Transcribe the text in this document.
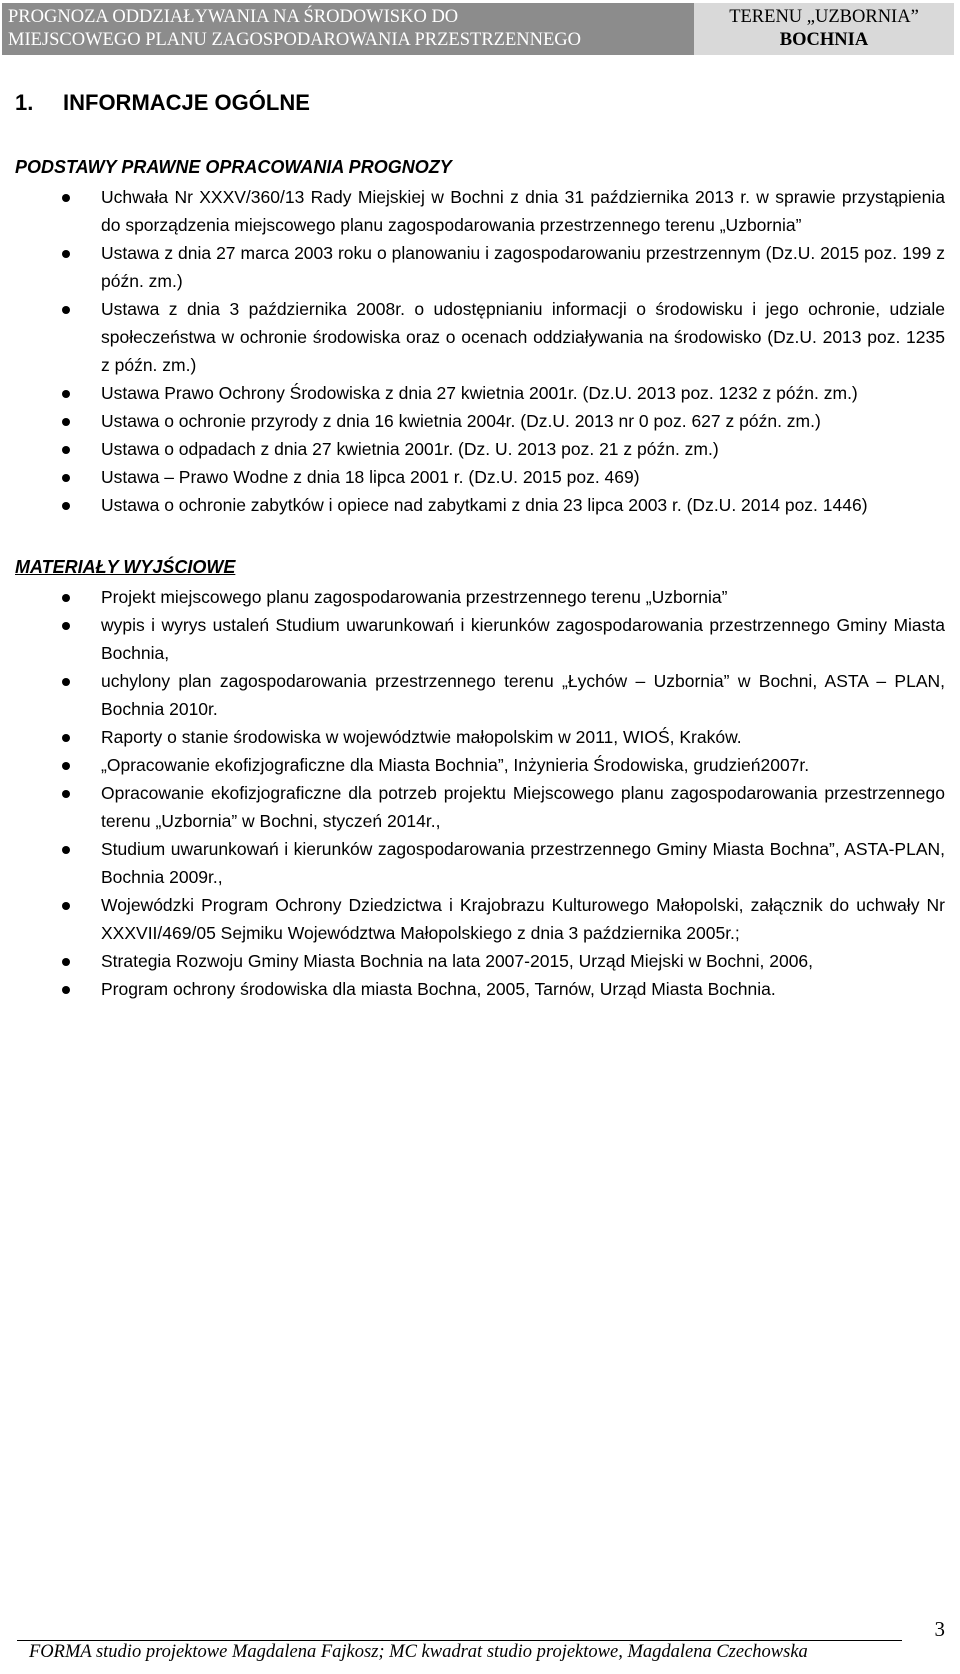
PROGNOZA ODDZIAŁYWANIA NA ŚRODOWISKO DO
MIEJSCOWEGO PLANU ZAGOSPODAROWANIA PRZESTRZENNEGO
TERENU „UZBORNIA”
BOCHNIA
1.	INFORMACJE OGÓLNE
PODSTAWY PRAWNE OPRACOWANIA PROGNOZY
Uchwała Nr XXXV/360/13 Rady Miejskiej w Bochni z dnia 31 października 2013 r. w sprawie przystąpienia do sporządzenia miejscowego planu zagospodarowania przestrzennego terenu „Uzbornia”
Ustawa z dnia 27 marca 2003 roku o planowaniu i zagospodarowaniu przestrzennym (Dz.U. 2015 poz. 199 z późn. zm.)
Ustawa z dnia 3 października 2008r. o udostępnianiu informacji o środowisku i jego ochronie, udziale społeczeństwa w ochronie środowiska oraz o ocenach oddziaływania na środowisko (Dz.U. 2013 poz. 1235 z późn. zm.)
Ustawa Prawo Ochrony Środowiska z dnia 27 kwietnia 2001r. (Dz.U. 2013 poz. 1232 z późn. zm.)
Ustawa o ochronie przyrody z dnia 16 kwietnia 2004r. (Dz.U. 2013 nr 0 poz. 627 z późn. zm.)
Ustawa o odpadach z dnia 27 kwietnia 2001r. (Dz. U. 2013 poz. 21 z późn. zm.)
Ustawa – Prawo Wodne z dnia 18 lipca 2001 r. (Dz.U. 2015 poz. 469)
Ustawa o ochronie zabytków i opiece nad zabytkami z dnia 23 lipca 2003 r. (Dz.U. 2014 poz. 1446)
MATERIAŁY WYJŚCIOWE
Projekt miejscowego planu zagospodarowania przestrzennego terenu „Uzbornia”
wypis i wyrys ustaleń Studium uwarunkowań i kierunków zagospodarowania przestrzennego Gminy Miasta Bochnia,
uchylony plan zagospodarowania przestrzennego terenu „Łychów – Uzbornia” w Bochni, ASTA – PLAN, Bochnia 2010r.
Raporty o stanie środowiska w województwie małopolskim w 2011, WIOŚ, Kraków.
„Opracowanie ekofizjograficzne dla Miasta Bochnia”, Inżynieria Środowiska, grudzień2007r.
Opracowanie ekofizjograficzne dla potrzeb projektu Miejscowego planu zagospodarowania przestrzennego terenu „Uzbornia” w Bochni, styczeń 2014r.,
Studium uwarunkowań i kierunków zagospodarowania przestrzennego Gminy Miasta Bochna”, ASTA-PLAN, Bochnia 2009r.,
Wojewódzki Program Ochrony Dziedzictwa i Krajobrazu Kulturowego Małopolski, załącznik do uchwały Nr XXXVII/469/05 Sejmiku Województwa Małopolskiego z dnia 3 października 2005r.;
Strategia Rozwoju Gminy Miasta Bochnia na lata 2007-2015, Urząd Miejski w Bochni, 2006,
Program ochrony środowiska dla miasta Bochna, 2005, Tarnów, Urząd Miasta Bochnia.
3
FORMA studio projektowe Magdalena Fajkosz; MC kwadrat studio projektowe, Magdalena Czechowska
